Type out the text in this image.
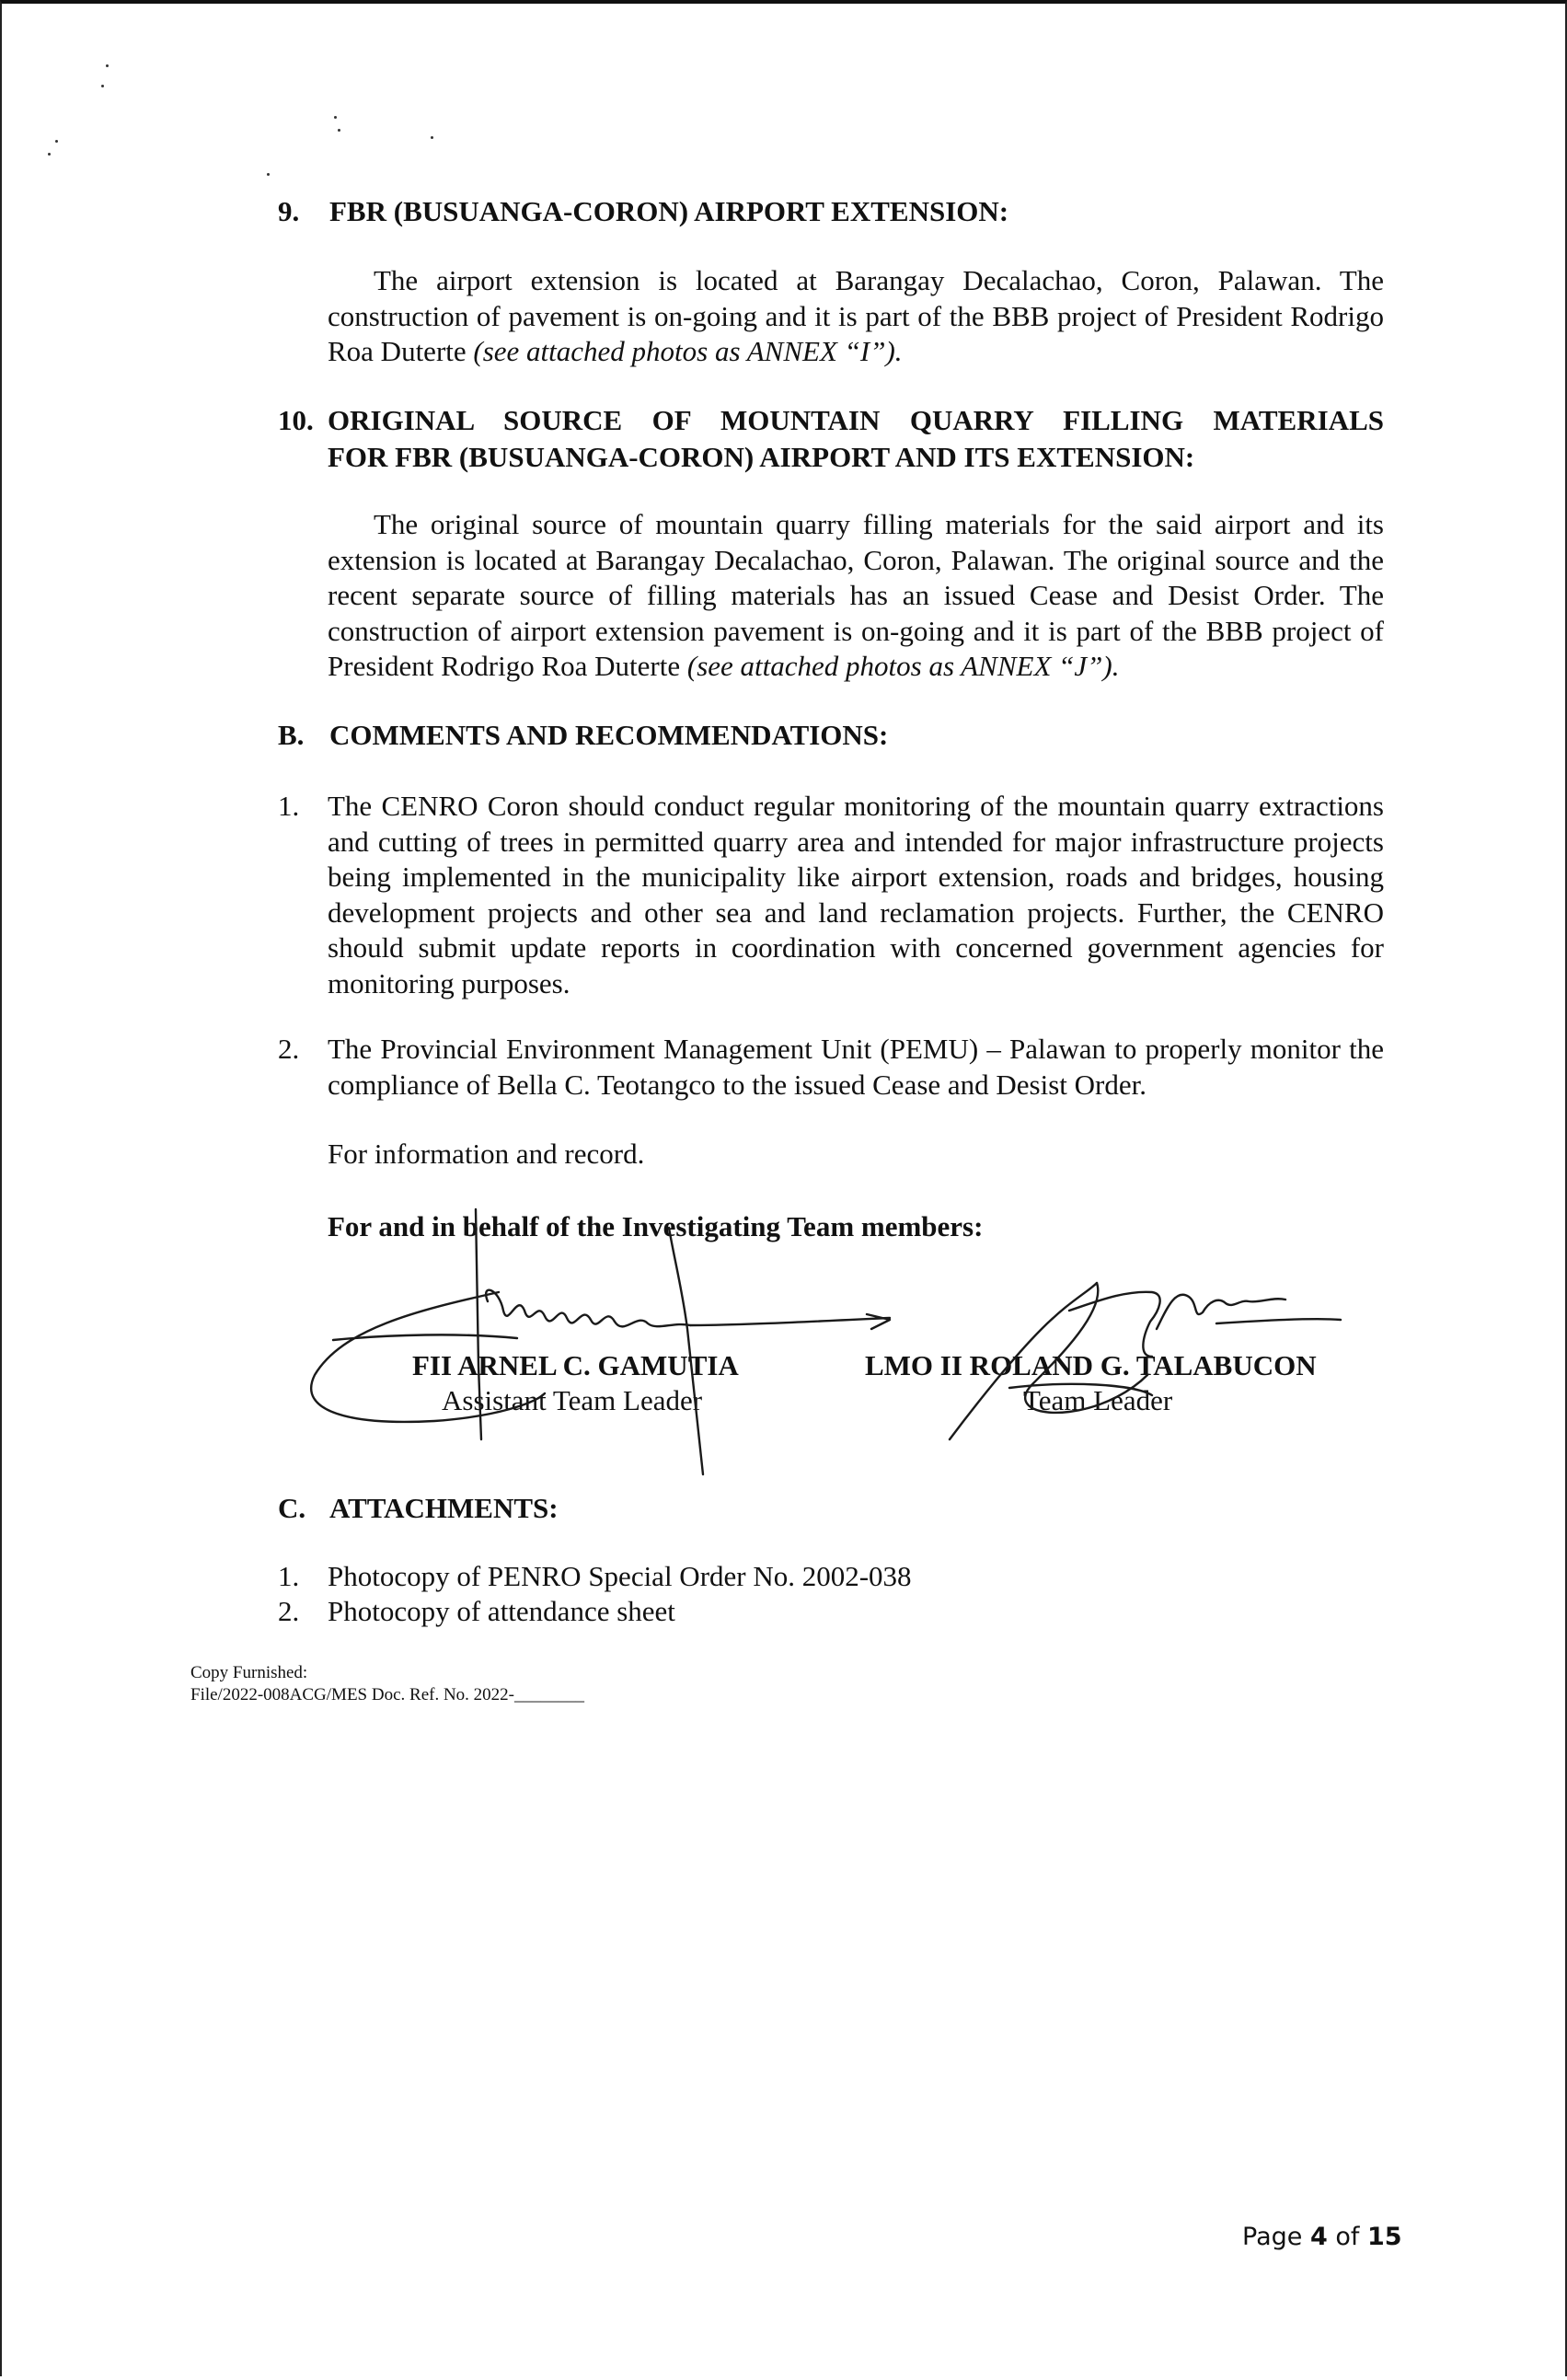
9. FBR (BUSUANGA-CORON) AIRPORT EXTENSION:

The airport extension is located at Barangay Decalachao, Coron, Palawan. The construction of pavement is on-going and it is part of the BBB project of President Rodrigo Roa Duterte (see attached photos as ANNEX “I”).

10. ORIGINAL SOURCE OF MOUNTAIN QUARRY FILLING MATERIALS
FOR FBR (BUSUANGA-CORON) AIRPORT AND ITS EXTENSION:

The original source of mountain quarry filling materials for the said airport and its extension is located at Barangay Decalachao, Coron, Palawan. The original source and the recent separate source of filling materials has an issued Cease and Desist Order. The construction of airport extension pavement is on-going and it is part of the BBB project of President Rodrigo Roa Duterte (see attached photos as ANNEX “J”).

B. COMMENTS AND RECOMMENDATIONS:
1. The CENRO Coron should conduct regular monitoring of the mountain quarry extractions and cutting of trees in permitted quarry area and intended for major infrastructure projects being implemented in the municipality like airport extension, roads and bridges, housing development projects and other sea and land reclamation projects. Further, the CENRO should submit update reports in coordination with concerned government agencies for monitoring purposes.
2. The Provincial Environment Management Unit (PEMU) – Palawan to properly monitor the compliance of Bella C. Teotangco to the issued Cease and Desist Order.
For information and record.
For and in behalf of the Investigating Team members:
FII ARNEL C. GAMUTIA
Assistant Team Leader
LMO II ROLAND G. TALABUCON
Team Leader
C. ATTACHMENTS:
1. Photocopy of PENRO Special Order No. 2002-038
2. Photocopy of attendance sheet
Copy Furnished:
File/2022-008ACG/MES Doc. Ref. No. 2022-________
Page 4 of 15
